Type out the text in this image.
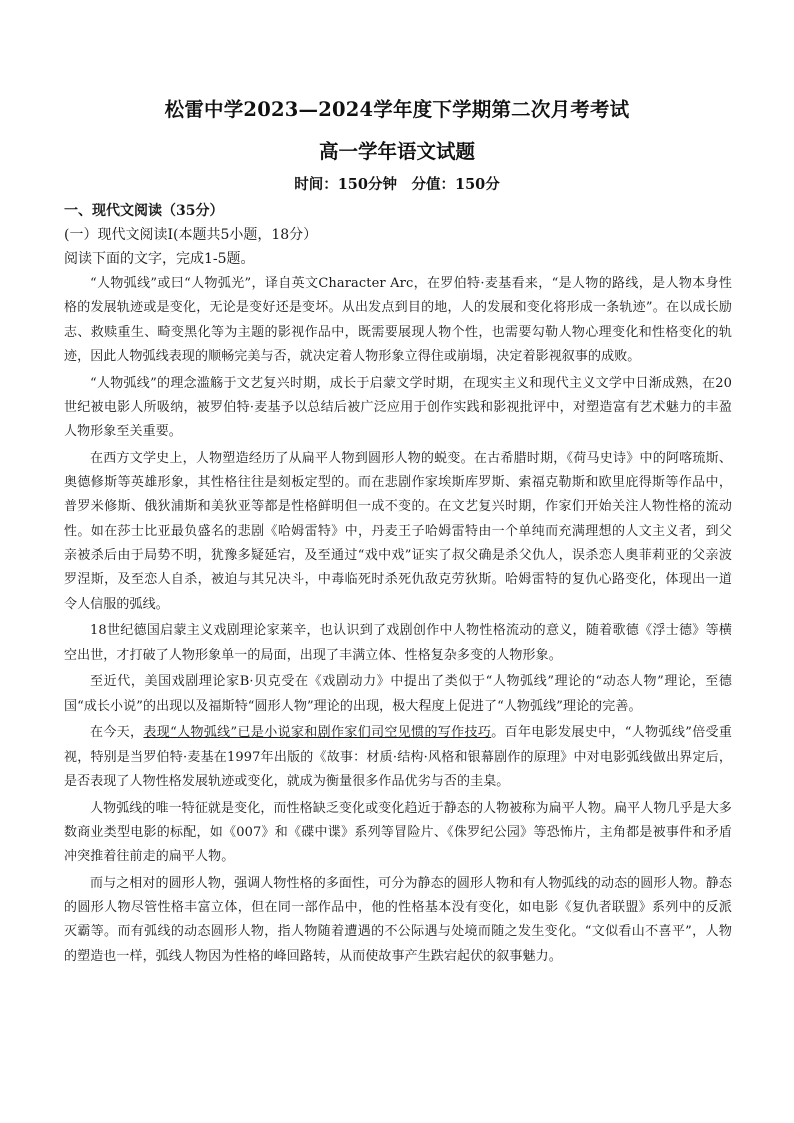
松雷中学2023—2024学年度下学期第二次月考考试
高一学年语文试题
时间：150分钟　分值：150分
一、现代文阅读（35分）
(一）现代文阅读Ⅰ(本题共5小题，18分）
阅读下面的文字，完成1-5题。

“人物弧线”或曰“人物弧光”，译自英文Character Arc，在罗伯特·麦基看来，“是人物的路线，是人物本身性格的发展轨迹或是变化，无论是变好还是变坏。从出发点到目的地，人的发展和变化将形成一条轨迹”。在以成长励志、救赎重生、畸变黑化等为主题的影视作品中，既需要展现人物个性，也需要勾勒人物心理变化和性格变化的轨迹，因此人物弧线表现的顺畅完美与否，就决定着人物形象立得住或崩塌，决定着影视叙事的成败。

“人物弧线”的理念滥觞于文艺复兴时期，成长于启蒙文学时期，在现实主义和现代主义文学中日渐成熟，在20世纪被电影人所吸纳，被罗伯特·麦基予以总结后被广泛应用于创作实践和影视批评中，对塑造富有艺术魅力的丰盈人物形象至关重要。

在西方文学史上，人物塑造经历了从扁平人物到圆形人物的蜕变。在古希腊时期，《荷马史诗》中的阿喀琉斯、奥德修斯等英雄形象，其性格往往是刻板定型的。而在悲剧作家埃斯库罗斯、索福克勒斯和欧里庇得斯等作品中，普罗米修斯、俄狄浦斯和美狄亚等都是性格鲜明但一成不变的。在文艺复兴时期，作家们开始关注人物性格的流动性。如在莎士比亚最负盛名的悲剧《哈姆雷特》中，丹麦王子哈姆雷特由一个单纯而充满理想的人文主义者，到父亲被杀后由于局势不明，犹豫多疑延宕，及至通过“戏中戏”证实了叔父确是杀父仇人，误杀恋人奥菲莉亚的父亲波罗涅斯，及至恋人自杀，被迫与其兄决斗，中毒临死时杀死仇敌克劳狄斯。哈姆雷特的复仇心路变化，体现出一道令人信服的弧线。

18世纪德国启蒙主义戏剧理论家莱辛，也认识到了戏剧创作中人物性格流动的意义，随着歌德《浮士德》等横空出世，才打破了人物形象单一的局面，出现了丰满立体、性格复杂多变的人物形象。

至近代，美国戏剧理论家B·贝克受在《戏剧动力》中提出了类似于“人物弧线”理论的“动态人物”理论，至德国“成长小说”的出现以及福斯特“圆形人物”理论的出现，极大程度上促进了“人物弧线”理论的完善。

在今天，表现“人物弧线”已是小说家和剧作家们司空见惯的写作技巧。百年电影发展史中，“人物弧线”倍受重视，特别是当罗伯特·麦基在1997年出版的《故事：材质·结构·风格和银幕剧作的原理》中对电影弧线做出界定后，是否表现了人物性格发展轨迹或变化，就成为衡量很多作品优劣与否的圭臬。

人物弧线的唯一特征就是变化，而性格缺乏变化或变化趋近于静态的人物被称为扁平人物。扁平人物几乎是大多数商业类型电影的标配，如《007》和《碟中谍》系列等冒险片、《侏罗纪公园》等恐怖片，主角都是被事件和矛盾冲突推着往前走的扁平人物。

而与之相对的圆形人物，强调人物性格的多面性，可分为静态的圆形人物和有人物弧线的动态的圆形人物。静态的圆形人物尽管性格丰富立体，但在同一部作品中，他的性格基本没有变化，如电影《复仇者联盟》系列中的反派灭霸等。而有弧线的动态圆形人物，指人物随着遭遇的不公际遇与处境而随之发生变化。“文似看山不喜平”，人物的塑造也一样，弧线人物因为性格的峰回路转，从而使故事产生跌宕起伏的叙事魅力。
